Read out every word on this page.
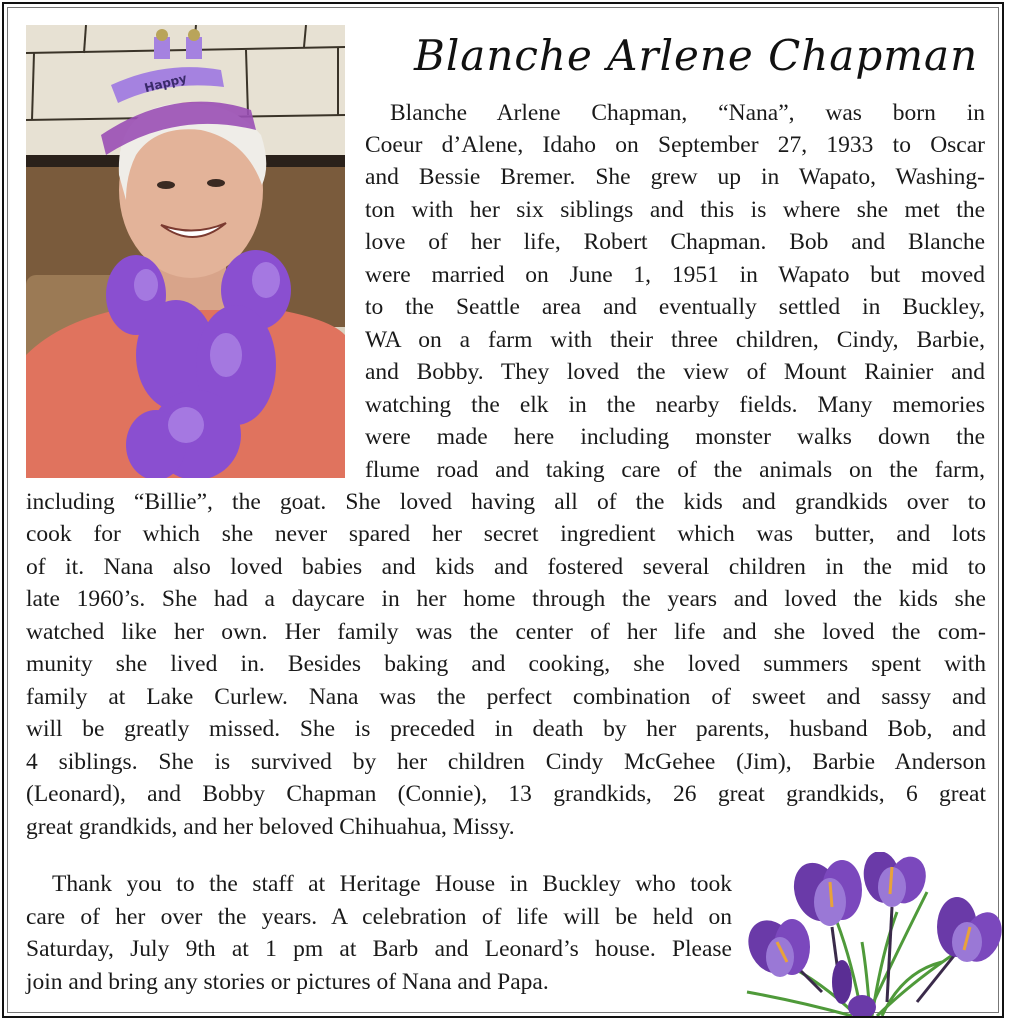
Happy
Blanche Arlene Chapman
Blanche Arlene Chapman, “Nana”, was born in
Coeur d’Alene, Idaho on September 27, 1933 to Oscar
and Bessie Bremer. She grew up in Wapato, Washing-
ton with her six siblings and this is where she met the
love of her life, Robert Chapman. Bob and Blanche
were married on June 1, 1951 in Wapato but moved
to the Seattle area and eventually settled in Buckley,
WA on a farm with their three children, Cindy, Barbie,
and Bobby. They loved the view of Mount Rainier and
watching the elk in the nearby fields. Many memories
were made here including monster walks down the
flume road and taking care of the animals on the farm,
including “Billie”, the goat. She loved having all of the kids and grandkids over to
cook for which she never spared her secret ingredient which was butter, and lots
of it. Nana also loved babies and kids and fostered several children in the mid to
late 1960’s. She had a daycare in her home through the years and loved the kids she
watched like her own. Her family was the center of her life and she loved the com-
munity she lived in. Besides baking and cooking, she loved summers spent with
family at Lake Curlew. Nana was the perfect combination of sweet and sassy and
will be greatly missed. She is preceded in death by her parents, husband Bob, and
4 siblings. She is survived by her children Cindy McGehee (Jim), Barbie Anderson
(Leonard), and Bobby Chapman (Connie), 13 grandkids, 26 great grandkids, 6 great
great grandkids, and her beloved Chihuahua, Missy.
Thank you to the staff at Heritage House in Buckley who took
care of her over the years. A celebration of life will be held on
Saturday, July 9th at 1 pm at Barb and Leonard’s house. Please
join and bring any stories or pictures of Nana and Papa.
